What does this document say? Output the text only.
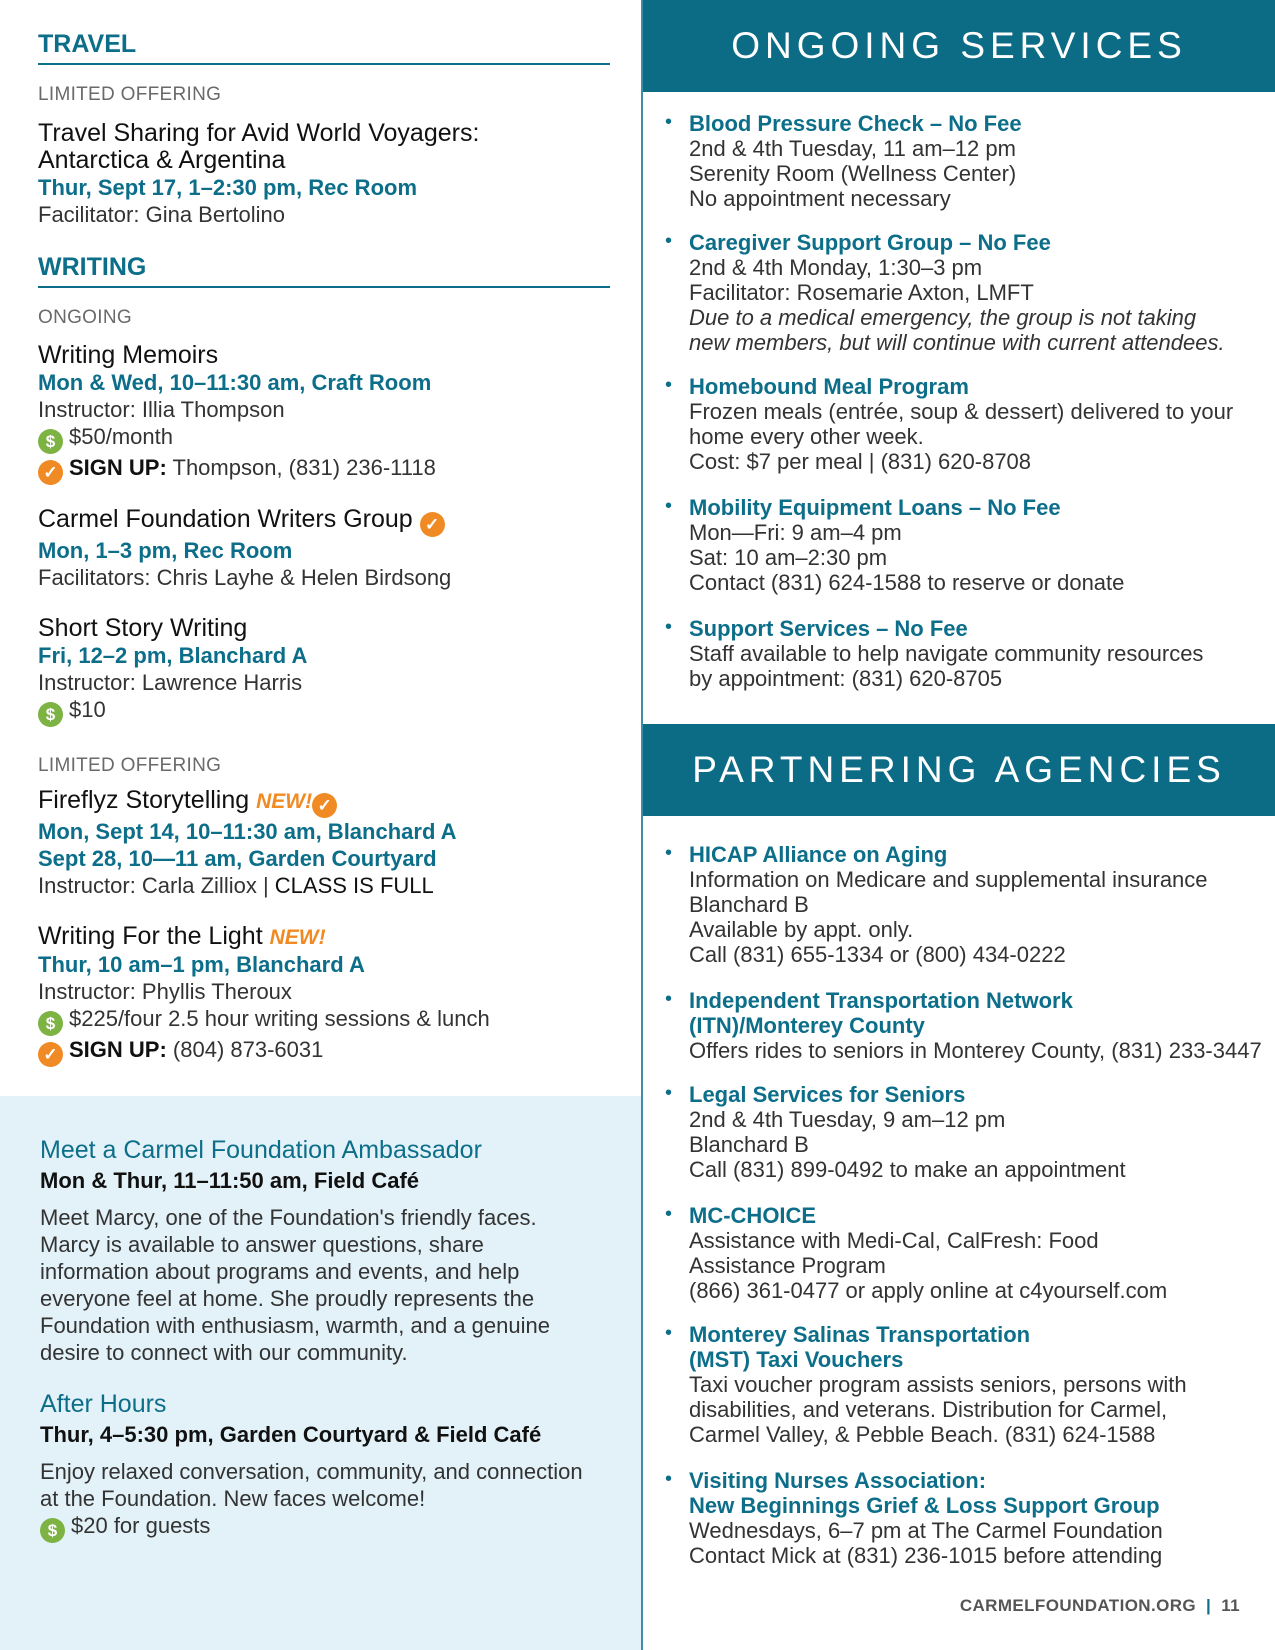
TRAVEL
LIMITED OFFERING
Travel Sharing for Avid World Voyagers:
Antarctica & Argentina
Thur, Sept 17, 1–2:30 pm, Rec Room
Facilitator: Gina Bertolino
WRITING
ONGOING
Writing Memoirs
Mon & Wed, 10–11:30 am, Craft Room
Instructor: Illia Thompson
$ $50/month
✓ SIGN UP: Thompson, (831) 236-1118
Carmel Foundation Writers Group ✓
Mon, 1–3 pm, Rec Room
Facilitators: Chris Layhe & Helen Birdsong
Short Story Writing
Fri, 12–2 pm, Blanchard A
Instructor: Lawrence Harris
$ $10
LIMITED OFFERING
Fireflyz Storytelling NEW! ✓
Mon, Sept 14, 10–11:30 am, Blanchard A
Sept 28, 10—11 am, Garden Courtyard
Instructor: Carla Zilliox | CLASS IS FULL
Writing For the Light NEW!
Thur, 10 am–1 pm, Blanchard A
Instructor: Phyllis Theroux
$ $225/four 2.5 hour writing sessions & lunch
✓ SIGN UP: (804) 873-6031
Meet a Carmel Foundation Ambassador
Mon & Thur, 11–11:50 am, Field Café
Meet Marcy, one of the Foundation's friendly faces.
Marcy is available to answer questions, share
information about programs and events, and help
everyone feel at home. She proudly represents the
Foundation with enthusiasm, warmth, and a genuine
desire to connect with our community.
After Hours
Thur, 4–5:30 pm, Garden Courtyard & Field Café
Enjoy relaxed conversation, community, and connection
at the Foundation. New faces welcome!
$ $20 for guests
ONGOING SERVICES
• Blood Pressure Check – No Fee
2nd & 4th Tuesday, 11 am–12 pm
Serenity Room (Wellness Center)
No appointment necessary
• Caregiver Support Group – No Fee
2nd & 4th Monday, 1:30–3 pm
Facilitator: Rosemarie Axton, LMFT
Due to a medical emergency, the group is not taking
new members, but will continue with current attendees.
• Homebound Meal Program
Frozen meals (entrée, soup & dessert) delivered to your
home every other week.
Cost: $7 per meal | (831) 620-8708
• Mobility Equipment Loans – No Fee
Mon—Fri: 9 am–4 pm
Sat: 10 am–2:30 pm
Contact (831) 624-1588 to reserve or donate
• Support Services – No Fee
Staff available to help navigate community resources
by appointment: (831) 620-8705
PARTNERING AGENCIES
• HICAP Alliance on Aging
Information on Medicare and supplemental insurance
Blanchard B
Available by appt. only.
Call (831) 655-1334 or (800) 434-0222
• Independent Transportation Network
(ITN)/Monterey County
Offers rides to seniors in Monterey County, (831) 233-3447
• Legal Services for Seniors
2nd & 4th Tuesday, 9 am–12 pm
Blanchard B
Call (831) 899-0492 to make an appointment
• MC-CHOICE
Assistance with Medi-Cal, CalFresh: Food
Assistance Program
(866) 361-0477 or apply online at c4yourself.com
• Monterey Salinas Transportation
(MST) Taxi Vouchers
Taxi voucher program assists seniors, persons with
disabilities, and veterans. Distribution for Carmel,
Carmel Valley, & Pebble Beach. (831) 624-1588
• Visiting Nurses Association:
New Beginnings Grief & Loss Support Group
Wednesdays, 6–7 pm at The Carmel Foundation
Contact Mick at (831) 236-1015 before attending
CARMELFOUNDATION.ORG | 11
